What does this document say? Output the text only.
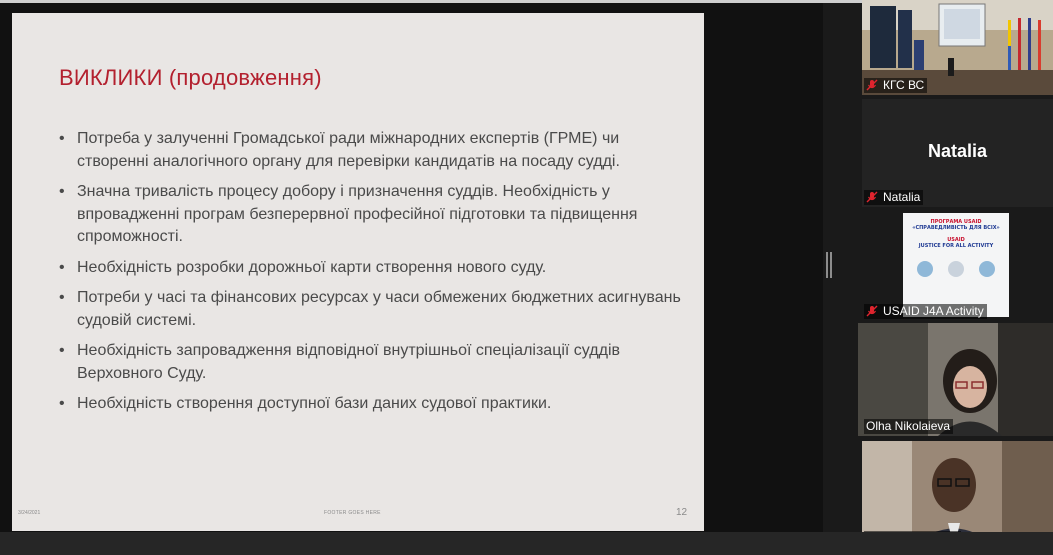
ВИКЛИКИ (продовження)
• Потреба у залученні Громадської ради міжнародних експертів (ГРМЕ) чи створенні аналогічного органу для перевірки кандидатів на посаду судді.
• Значна тривалість процесу добору і призначення суддів. Необхідність у впровадженні програм безперервної професійної підготовки та підвищення спроможності.
• Необхідність розробки дорожньої карти створення нового суду.
• Потреби у часі та фінансових ресурсах у часи обмежених бюджетних асигнувань судовій системі.
• Необхідність запровадження відповідної внутрішньої спеціалізації суддів Верховного Суду.
• Необхідність створення доступної бази даних судової практики.
3/24/2021	FOOTER GOES HERE	12
КГС ВС
Natalia
Natalia
ПРОГРАМА USAID
«СПРАВЕДЛИВІСТЬ ДЛЯ ВСІХ»
USAID
JUSTICE FOR ALL ACTIVITY
USAID J4A Activity
Olha Nikolaieva
